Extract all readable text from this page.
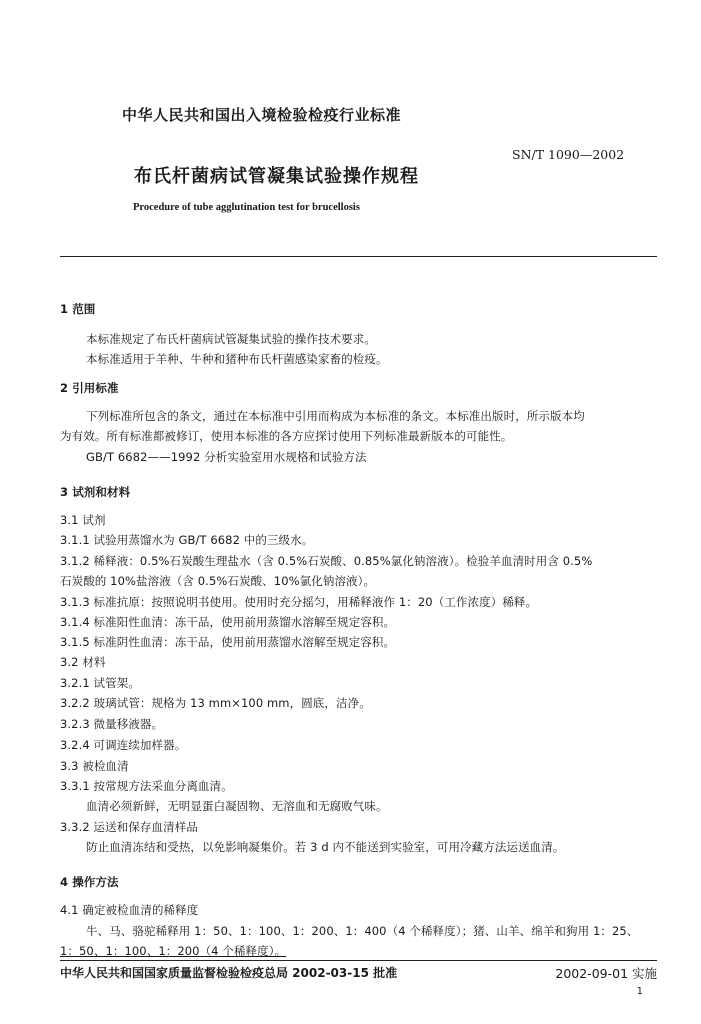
中华人民共和国出入境检验检疫行业标准
SN/T 1090—2002
布氏杆菌病试管凝集试验操作规程
Procedure of tube agglutination test for brucellosis
1 范围
本标准规定了布氏杆菌病试管凝集试验的操作技术要求。
本标准适用于羊种、牛种和猪种布氏杆菌感染家畜的检疫。
2 引用标准
下列标准所包含的条文，通过在本标准中引用而构成为本标准的条文。本标准出版时，所示版本均
为有效。所有标准都被修订，使用本标准的各方应探讨使用下列标准最新版本的可能性。
GB/T 6682——1992 分析实验室用水规格和试验方法
3 试剂和材料
3.1 试剂
3.1.1 试验用蒸馏水为 GB/T 6682 中的三级水。
3.1.2 稀释液：0.5%石炭酸生理盐水（含 0.5%石炭酸、0.85%氯化钠溶液）。检验羊血清时用含 0.5%
石炭酸的 10%盐溶液（含 0.5%石炭酸、10%氯化钠溶液）。
3.1.3 标准抗原：按照说明书使用。使用时充分摇匀，用稀释液作 1：20（工作浓度）稀释。
3.1.4 标准阳性血清：冻干品，使用前用蒸馏水溶解至规定容积。
3.1.5 标准阴性血清：冻干品，使用前用蒸馏水溶解至规定容积。
3.2 材料
3.2.1 试管架。
3.2.2 玻璃试管：规格为 13 mm×100 mm，圆底，洁净。
3.2.3 微量移液器。
3.2.4 可调连续加样器。
3.3 被检血清
3.3.1 按常规方法采血分离血清。
血清必须新鲜，无明显蛋白凝固物、无溶血和无腐败气味。
3.3.2 运送和保存血清样品
防止血清冻结和受热，以免影响凝集价。若 3 d 内不能送到实验室，可用冷藏方法运送血清。
4 操作方法
4.1 确定被检血清的稀释度
牛、马、骆驼稀释用 1：50、1：100、1：200、1：400（4 个稀释度）；猪、山羊、绵羊和狗用 1：25、
1：50、1：100、1：200（4 个稀释度）。
中华人民共和国国家质量监督检验检疫总局 2002-03-15 批准	2002-09-01 实施
1
